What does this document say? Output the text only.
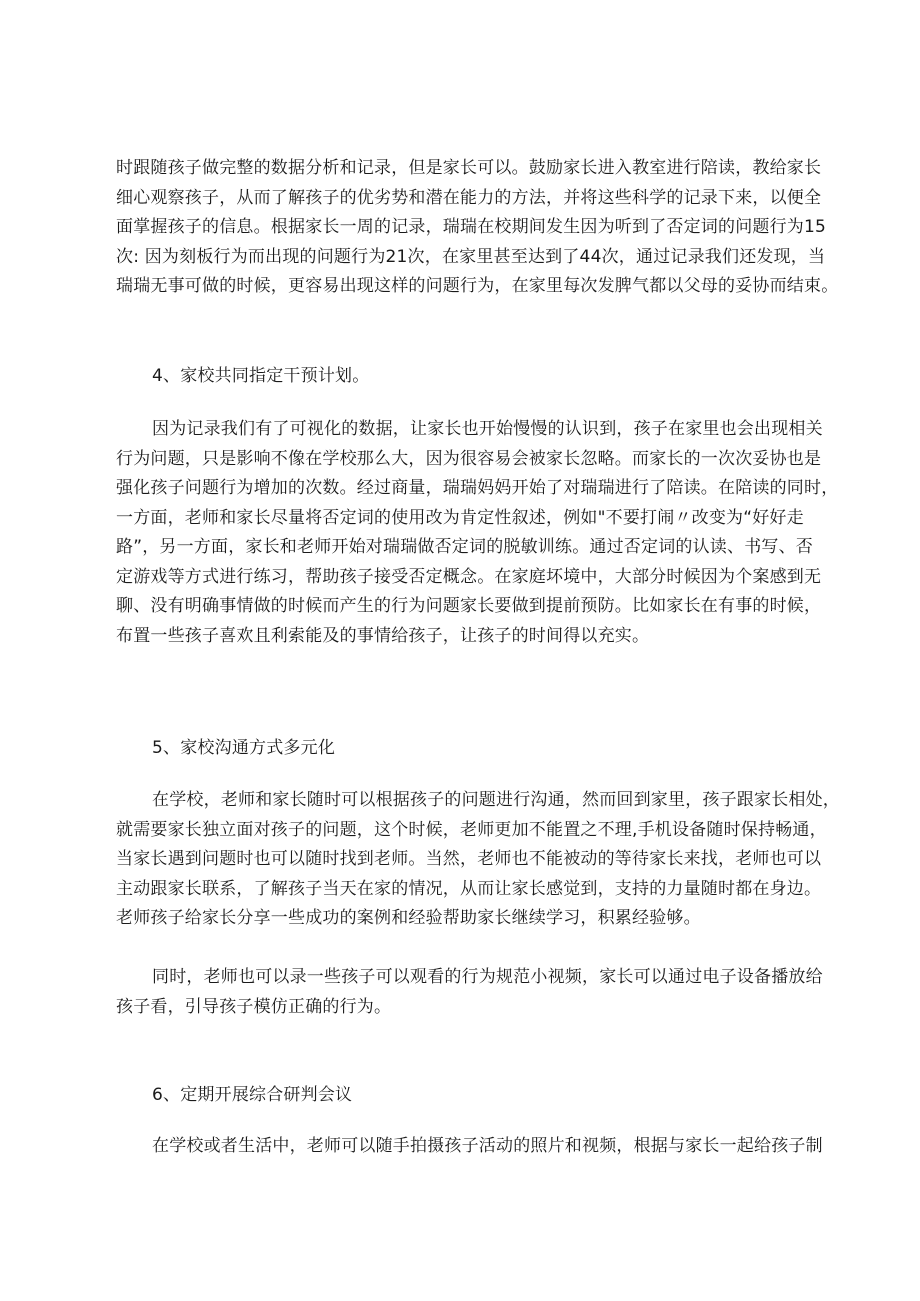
时跟随孩子做完整的数据分析和记录，但是家长可以。鼓励家长进入教室进行陪读，教给家长
细心观察孩子，从而了解孩子的优劣势和潜在能力的方法，并将这些科学的记录下来，以便全
面掌握孩子的信息。根据家长一周的记录，瑞瑞在校期间发生因为听到了否定词的问题行为15
次: 因为刻板行为而出现的问题行为21次，在家里甚至达到了44次，通过记录我们还发现，当
瑞瑞无事可做的时候，更容易出现这样的问题行为，在家里每次发脾气都以父母的妥协而结束。
4、家校共同指定干预计划。
因为记录我们有了可视化的数据，让家长也开始慢慢的认识到，孩子在家里也会出现相关
行为问题，只是影响不像在学校那么大，因为很容易会被家长忽略。而家长的一次次妥协也是
强化孩子问题行为增加的次数。经过商量，瑞瑞妈妈开始了对瑞瑞进行了陪读。在陪读的同时，
一方面，老师和家长尽量将否定词的使用改为肯定性叙述，例如"不要打闹〃改变为“好好走
路”，另一方面，家长和老师开始对瑞瑞做否定词的脱敏训练。通过否定词的认读、书写、否
定游戏等方式进行练习，帮助孩子接受否定概念。在家庭坏境中，大部分时候因为个案感到无
聊、没有明确事情做的时候而产生的行为问题家长要做到提前预防。比如家长在有事的时候，
布置一些孩子喜欢且利索能及的事情给孩子，让孩子的时间得以充实。
5、家校沟通方式多元化
在学校，老师和家长随时可以根据孩子的问题进行沟通，然而回到家里，孩子跟家长相处，
就需要家长独立面对孩子的问题，这个时候，老师更加不能置之不理,手机设备随时保持畅通，
当家长遇到问题时也可以随时找到老师。当然，老师也不能被动的等待家长来找，老师也可以
主动跟家长联系，了解孩子当天在家的情况，从而让家长感觉到，支持的力量随时都在身边。
老师孩子给家长分享一些成功的案例和经验帮助家长继续学习，积累经验够。
同时，老师也可以录一些孩子可以观看的行为规范小视频，家长可以通过电子设备播放给
孩子看，引导孩子模仿正确的行为。
6、定期开展综合研判会议
在学校或者生活中，老师可以随手拍摄孩子活动的照片和视频，根据与家长一起给孩子制
